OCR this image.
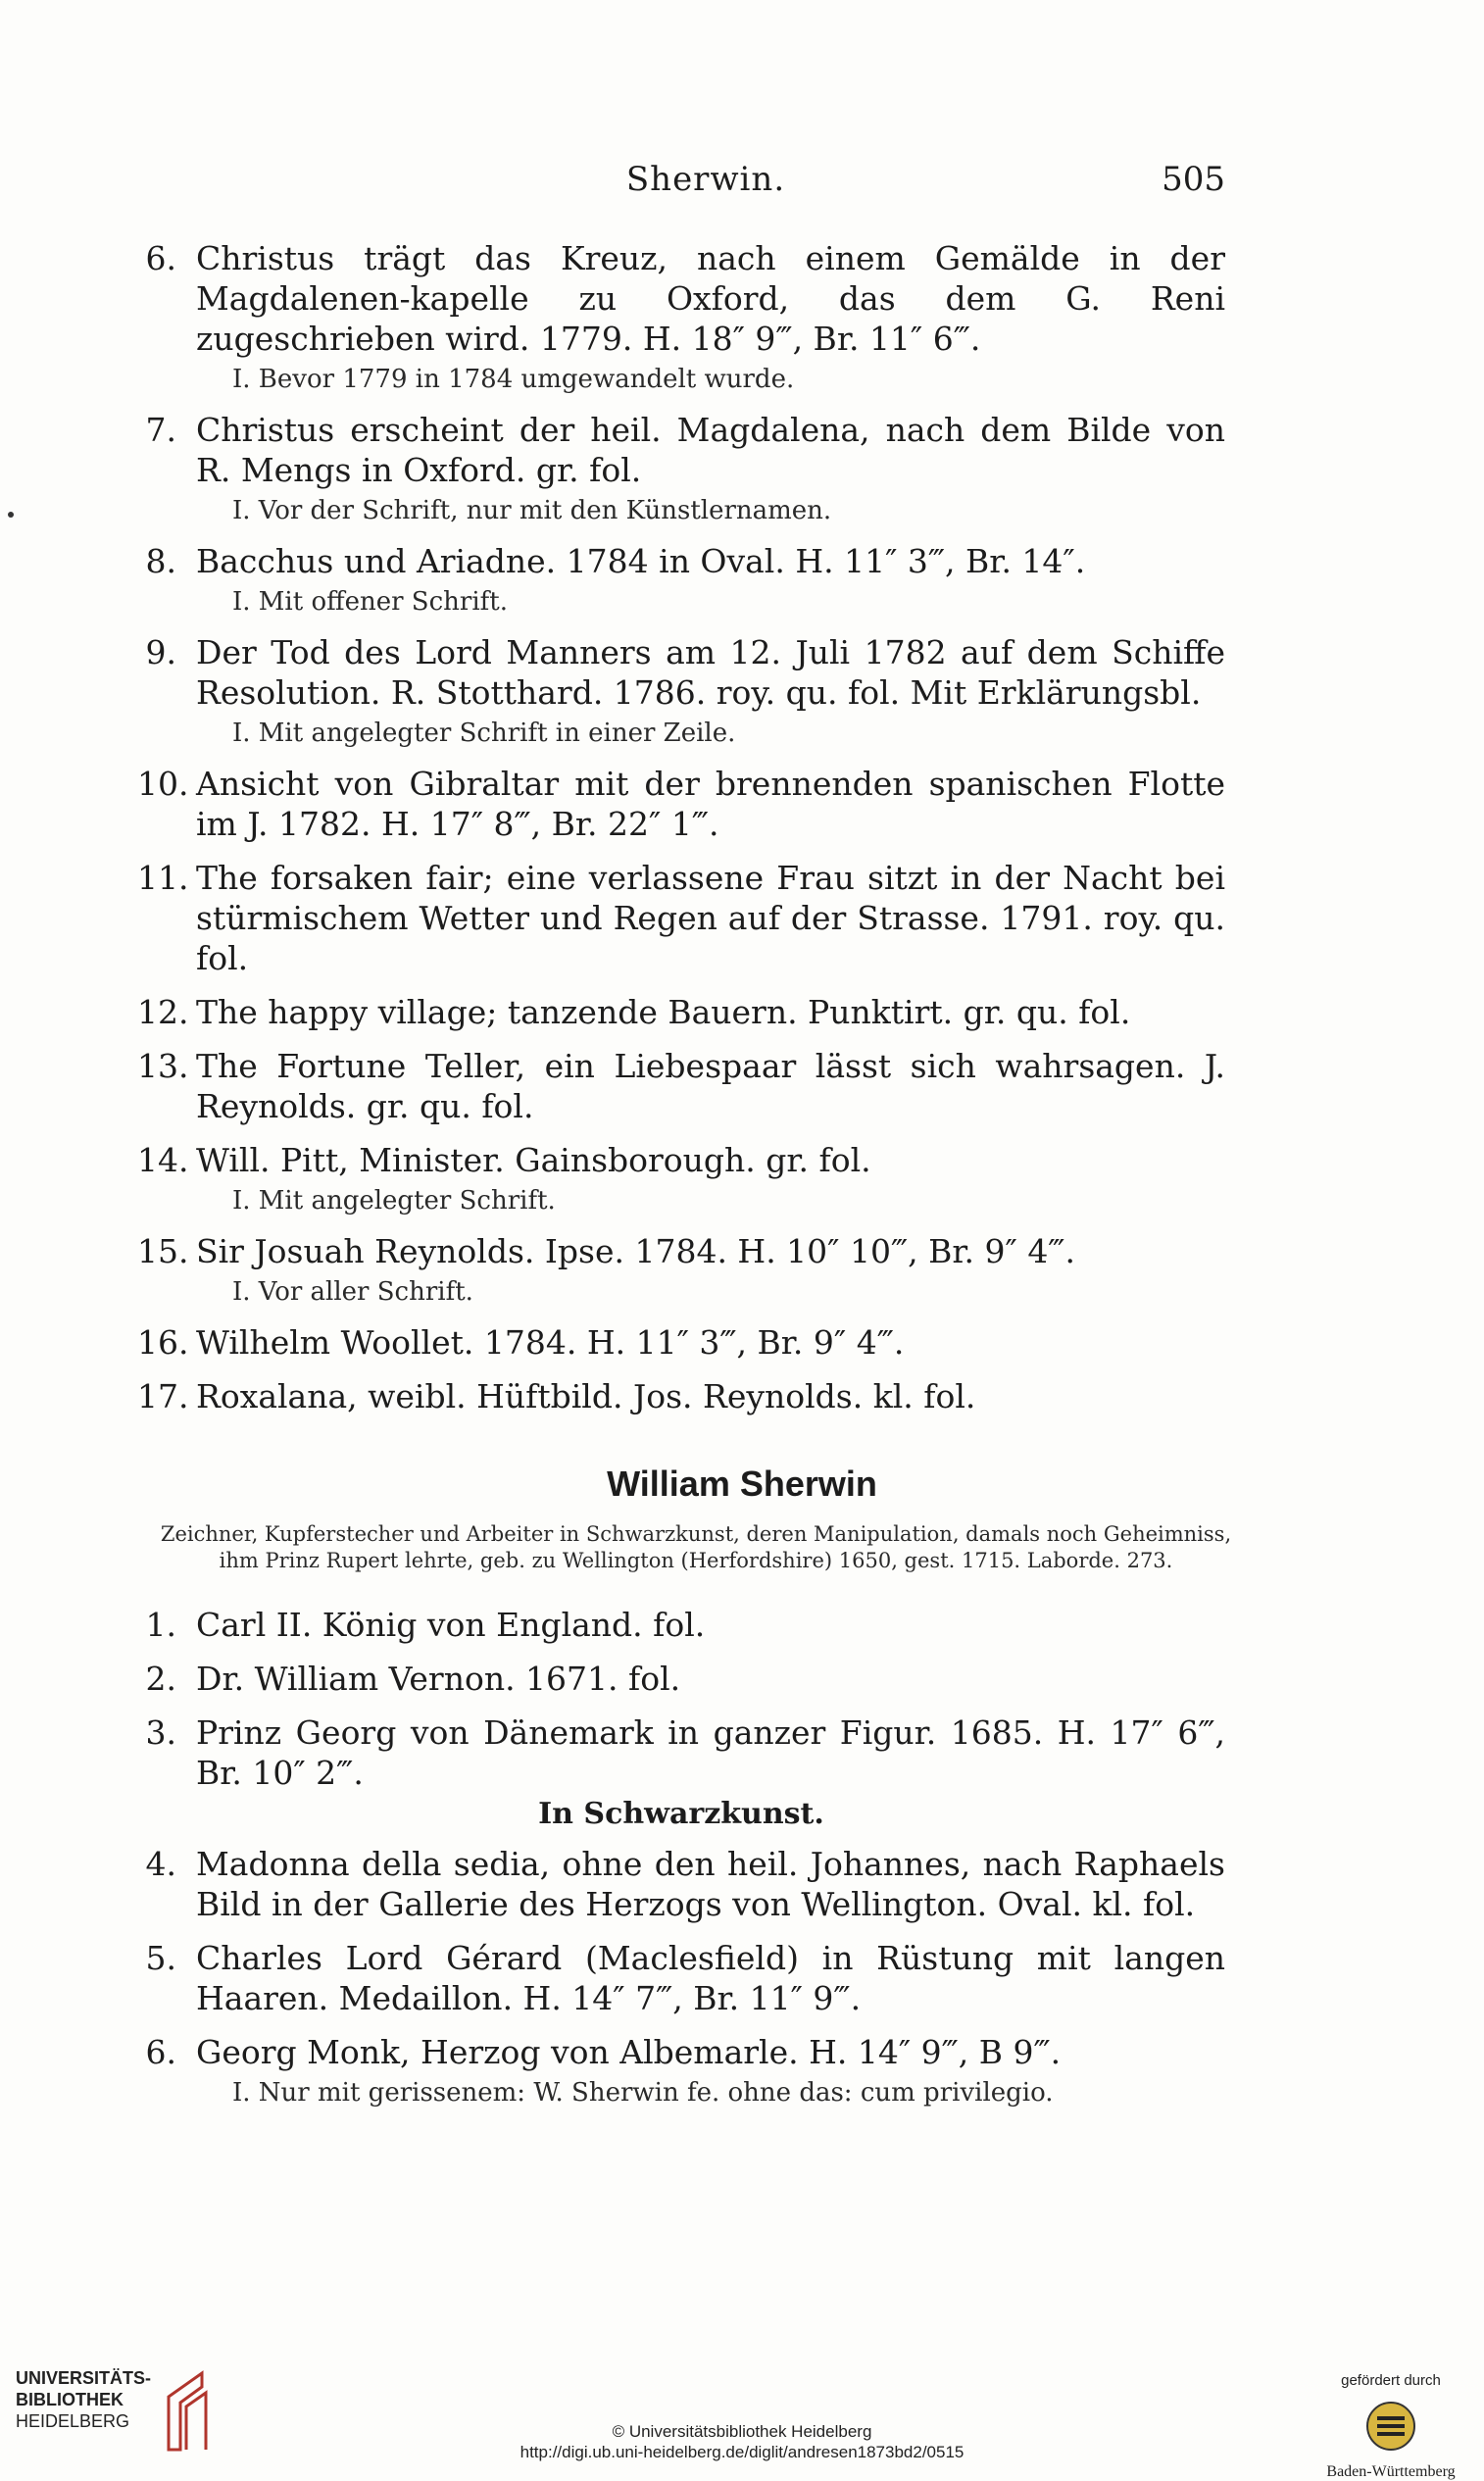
Sherwin.	505
6. Christus trägt das Kreuz, nach einem Gemälde in der Magdalenen-kapelle zu Oxford, das dem G. Reni zugeschrieben wird. 1779. H. 18″ 9‴, Br. 11″ 6‴.
I. Bevor 1779 in 1784 umgewandelt wurde.
7. Christus erscheint der heil. Magdalena, nach dem Bilde von R. Mengs in Oxford. gr. fol.
I. Vor der Schrift, nur mit den Künstlernamen.
8. Bacchus und Ariadne. 1784 in Oval. H. 11″ 3‴, Br. 14″.
I. Mit offener Schrift.
9. Der Tod des Lord Manners am 12. Juli 1782 auf dem Schiffe Resolution. R. Stotthard. 1786. roy. qu. fol. Mit Erklärungsbl.
I. Mit angelegter Schrift in einer Zeile.
10. Ansicht von Gibraltar mit der brennenden spanischen Flotte im J. 1782. H. 17″ 8‴, Br. 22″ 1‴.
11. The forsaken fair; eine verlassene Frau sitzt in der Nacht bei stürmischem Wetter und Regen auf der Strasse. 1791. roy. qu. fol.
12. The happy village; tanzende Bauern. Punktirt. gr. qu. fol.
13. The Fortune Teller, ein Liebespaar lässt sich wahrsagen. J. Reynolds. gr. qu. fol.
14. Will. Pitt, Minister. Gainsborough. gr. fol.
I. Mit angelegter Schrift.
15. Sir Josuah Reynolds. Ipse. 1784. H. 10″ 10‴, Br. 9″ 4‴.
I. Vor aller Schrift.
16. Wilhelm Woollet. 1784. H. 11″ 3‴, Br. 9″ 4‴.
17. Roxalana, weibl. Hüftbild. Jos. Reynolds. kl. fol.
William Sherwin
Zeichner, Kupferstecher und Arbeiter in Schwarzkunst, deren Manipulation, damals noch Geheimniss, ihm Prinz Rupert lehrte, geb. zu Wellington (Herfordshire) 1650, gest. 1715. Laborde. 273.
1. Carl II. König von England. fol.
2. Dr. William Vernon. 1671. fol.
3. Prinz Georg von Dänemark in ganzer Figur. 1685. H. 17″ 6‴, Br. 10″ 2‴.
In Schwarzkunst.
4. Madonna della sedia, ohne den heil. Johannes, nach Raphaels Bild in der Gallerie des Herzogs von Wellington. Oval. kl. fol.
5. Charles Lord Gérard (Maclesfield) in Rüstung mit langen Haaren. Medaillon. H. 14″ 7‴, Br. 11″ 9‴.
6. Georg Monk, Herzog von Albemarle. H. 14″ 9‴, B 9‴.
I. Nur mit gerissenem: W. Sherwin fe. ohne das: cum privilegio.
UNIVERSITÄTS-
BIBLIOTHEK
HEIDELBERG
© Universitätsbibliothek Heidelberg
http://digi.ub.uni-heidelberg.de/diglit/andresen1873bd2/0515
gefördert durch
Baden-Württemberg
